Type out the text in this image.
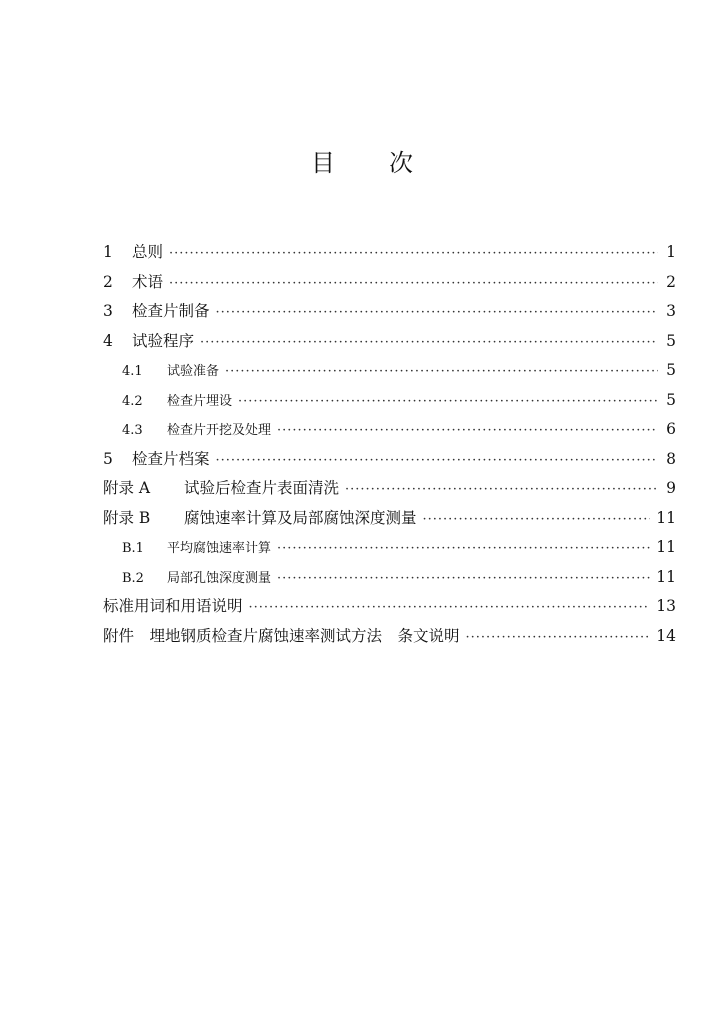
目次
1	总则 ·····	1
2	术语 ·····	2
3	检查片制备 ·····	3
4	试验程序 ·····	5
4.1	试验准备 ·····	5
4.2	检查片埋设 ·····	5
4.3	检查片开挖及处理 ·····	6
5	检查片档案 ·····	8
附录 A	试验后检查片表面清洗 ·····	9
附录 B	腐蚀速率计算及局部腐蚀深度测量 ·····	11
B.1	平均腐蚀速率计算 ·····	11
B.2	局部孔蚀深度测量 ·····	11
标准用词和用语说明 ·····	13
附件　埋地钢质检查片腐蚀速率测试方法　条文说明 ·····	14
